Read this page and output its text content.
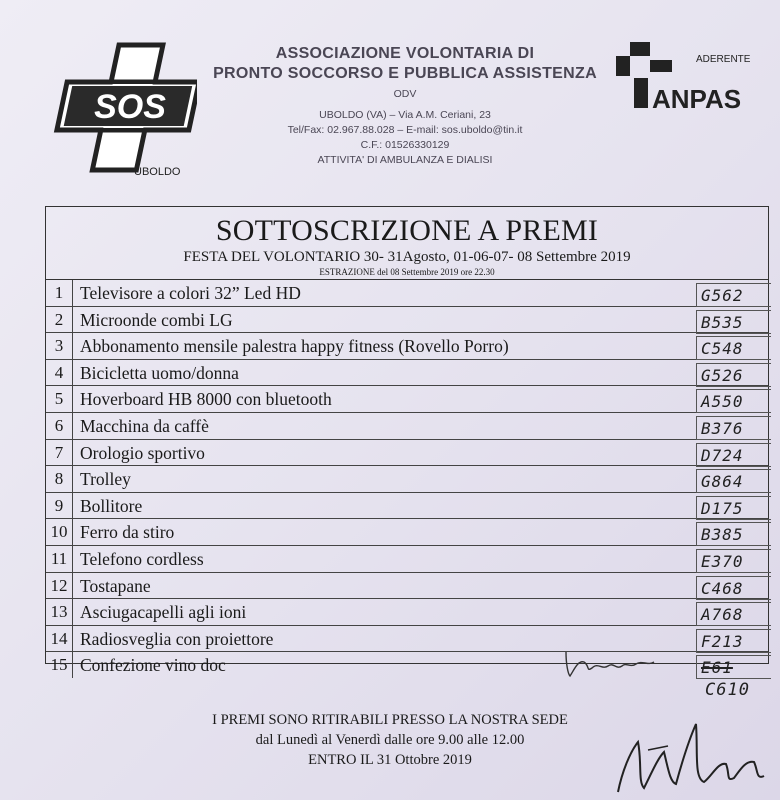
SOS
UBOLDO
ASSOCIAZIONE VOLONTARIA DI
PRONTO SOCCORSO E PUBBLICA ASSISTENZA
ODV
UBOLDO (VA) – Via A.M. Ceriani, 23
Tel/Fax: 02.967.88.028 – E-mail: sos.uboldo@tin.it
C.F.: 01526330129
ATTIVITA' DI AMBULANZA E DIALISI
ADERENTE
ANPAS
SOTTOSCRIZIONE A PREMI
FESTA DEL VOLONTARIO 30- 31Agosto, 01-06-07- 08 Settembre 2019
ESTRAZIONE del 08 Settembre 2019 ore 22.30
1 Televisore a colori 32” Led HD	G562
2 Microonde combi LG	B535
3 Abbonamento mensile palestra happy fitness (Rovello Porro)	C548
4 Bicicletta uomo/donna	G526
5 Hoverboard HB 8000 con bluetooth	A550
6 Macchina da caffè	B376
7 Orologio sportivo	D724
8 Trolley	G864
9 Bollitore	D175
10 Ferro da stiro	B385
11 Telefono cordless	E370
12 Tostapane	C468
13 Asciugacapelli agli ioni	A768
14 Radiosveglia con proiettore	F213
15 Confezione vino doc	E61
C610
I PREMI SONO RITIRABILI PRESSO LA NOSTRA SEDE
dal Lunedì al Venerdì dalle ore 9.00 alle 12.00
ENTRO IL 31 Ottobre 2019
